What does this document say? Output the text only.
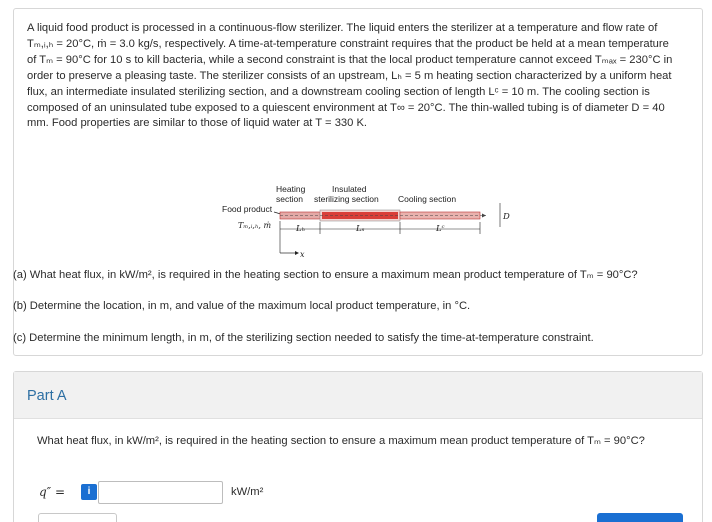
A liquid food product is processed in a continuous-flow sterilizer. The liquid enters the sterilizer at a temperature and flow rate of
Tₘ,ᵢ,ₕ = 20°C, ṁ = 3.0 kg/s, respectively. A time-at-temperature constraint requires that the product be held at a mean temperature
of Tₘ = 90°C for 10 s to kill bacteria, while a second constraint is that the local product temperature cannot exceed Tₘₐₓ = 230°C in
order to preserve a pleasing taste. The sterilizer consists of an upstream, Lₕ = 5 m heating section characterized by a uniform heat
flux, an intermediate insulated sterilizing section, and a downstream cooling section of length Lᶜ = 10 m. The cooling section is
composed of an uninsulated tube exposed to a quiescent environment at T∞ = 20°C. The thin-walled tubing is of diameter D = 40
mm. Food properties are similar to those of liquid water at T = 330 K.
Heating
section
Insulated
sterilizing section Cooling section
Food product
Tₘ,ᵢ,ₕ, ṁ
D
Lₕ	Lₛ	Lᶜ
x
(a) What heat flux, in kW/m², is required in the heating section to ensure a maximum mean product temperature of Tₘ = 90°C?
(b) Determine the location, in m, and value of the maximum local product temperature, in °C.
(c) Determine the minimum length, in m, of the sterilizing section needed to satisfy the time-at-temperature constraint.
Part A
What heat flux, in kW/m², is required in the heating section to ensure a maximum mean product temperature of Tₘ = 90°C?
q″ =	i	kW/m²
